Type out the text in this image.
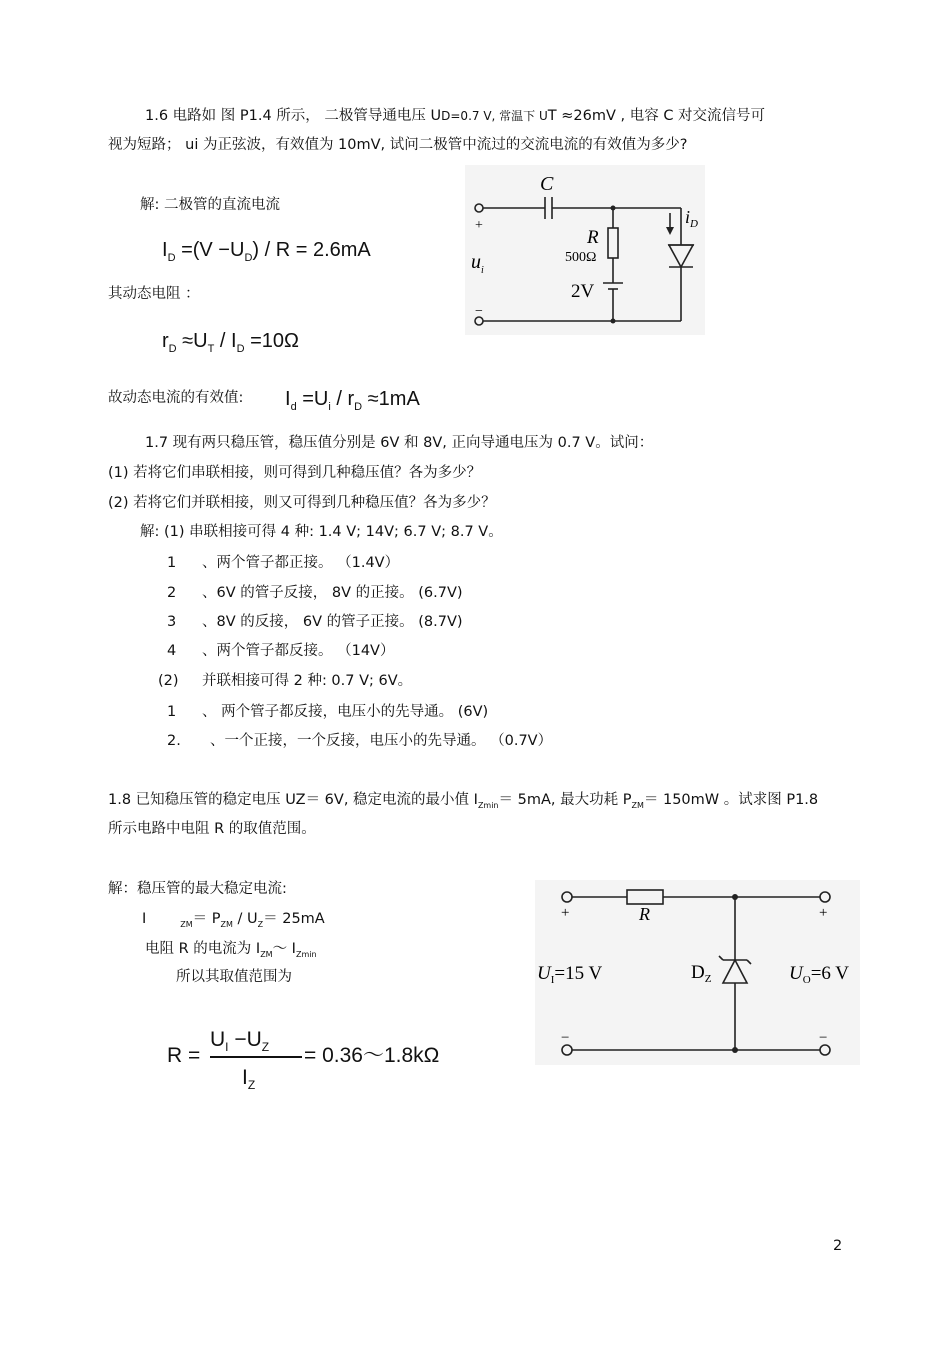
1.6 电路如 图 P1.4 所示， 二极管导通电压 UD=0.7 V, 常温下 UT ≈26mV , 电容 C 对交流信号可
视为短路； ui 为正弦波，有效值为 10mV, 试问二极管中流过的交流电流的有效值为多少?
解: 二极管的直流电流
$I_D =(V -U_D) / R = 2.6mA$
其动态电阻 ：
$r_D \approx U_T / I_D =10\Omega$
故动态电流的有效值: $I_d =U_i / r_D \approx 1mA$
C
+
−
$u_i$
R
500Ω
2V
$i_D$
1.7 现有两只稳压管，稳压值分别是 6V 和 8V, 正向导通电压为 0.7 V。试问：
(1) 若将它们串联相接，则可得到几种稳压值？各为多少？
(2) 若将它们并联相接，则又可得到几种稳压值？各为多少？
解: (1) 串联相接可得 4 种: 1.4 V; 14V; 6.7 V; 8.7 V。
1 、两个管子都正接。 （1.4V）
2 、6V 的管子反接， 8V 的正接。 (6.7V)
3 、8V 的反接， 6V 的管子正接。 (8.7V)
4 、两个管子都反接。 （14V）
(2) 并联相接可得 2 种: 0.7 V; 6V。
1 、 两个管子都反接，电压小的先导通。 (6V)
2. 、一个正接，一个反接，电压小的先导通。 （0.7V）
1.8 已知稳压管的稳定电压 UZ＝ 6V, 稳定电流的最小值 $I_{Zmin}= 5mA$, 最大功耗 $P_{ZM}= 150mW$ 。试求图 P1.8
所示电路中电阻 R 的取值范围。
解：稳压管的最大稳定电流:
I	$_{ZM}= P_{ZM} / U_Z= 25mA$
电阻 R 的电流为 $I_{ZM}\sim$ $I_{Zmin}$
所以其取值范围为
R =
$U_I -U_Z$
$I_Z$
= 0.36～1.8kΩ
+
−
+
−
R
$U_I=15$ V	$D_Z$	$U_O=6$ V
2
